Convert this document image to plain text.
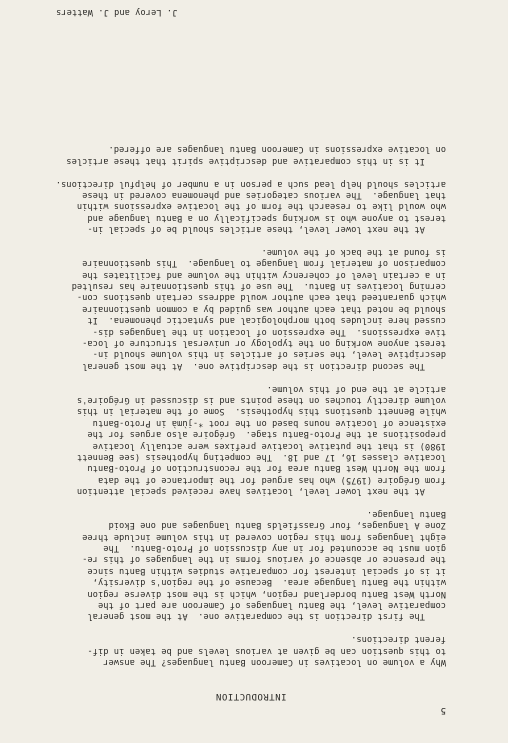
5
INTRODUCTION
Why a volume on locatives in Cameroon Bantu languages? The answer
to this question can be given at various levels and be taken in dif-
ferent directions.
The first direction is the comparative one.  At the most general
comparative level, the Bantu languages of Cameroon are part of the
North West Bantu borderland region, which is the most diverse region
within the Bantu language area.  Because of the region's diversity,
it is of special interest for comparative studies within Bantu since
the presence or absence of various forms in the languages of this re-
gion must be accounted for in any discussion of Proto-Bantu.  The
eight languages from this region covered in this volume include three
Zone A languages, four Grassfields Bantu languages and one Ekoid
Bantu language.
At the next lower level, locatives have received special attention
from Grégoire (1975) who has argued for the importance of the data
from the North West Bantu area for the reconstruction of Proto-Bantu
locative classes 16, 17 and 18.  The competing hypothesis (see Bennett
1980) is that the putative locative prefixes were actually locative
prepositions at the Proto-Bantu stage.  Grégoire also argues for the
existence of locative nouns based on the root *-jùmà in Proto-Bantu
while Bennett questions this hypothesis.  Some of the material in this
volume directly touches on these points and is discussed in Grégoire's
article at the end of this volume.
The second direction is the descriptive one.  At the most general
descriptive level, the series of articles in this volume should in-
terest anyone working on the typology or universal structure of loca-
tive expressions.  The expression of location in the languages dis-
cussed here includes both morphological and syntactic phenomena.  It
should be noted that each author was guided by a common questionnaire
which guaranteed that each author would address certain questions con-
cerning locatives in Bantu.  The use of this questionnaire has resulted
in a certain level of coherency within the volume and facilitates the
comparison of material from language to language.  This questionnaire
is found at the back of the volume.
At the next lower level, these articles should be of special in-
terest to anyone who is working specifically on a Bantu language and
who would like to research the form of the locative expressions within
that language.  The various categories and phenomena covered in these
articles should help lead such a person in a number of helpful directions.
It is in this comparative and descriptive spirit that these articles
on locative expressions in Cameroon Bantu languages are offered.
J. Leroy and J. Watters
